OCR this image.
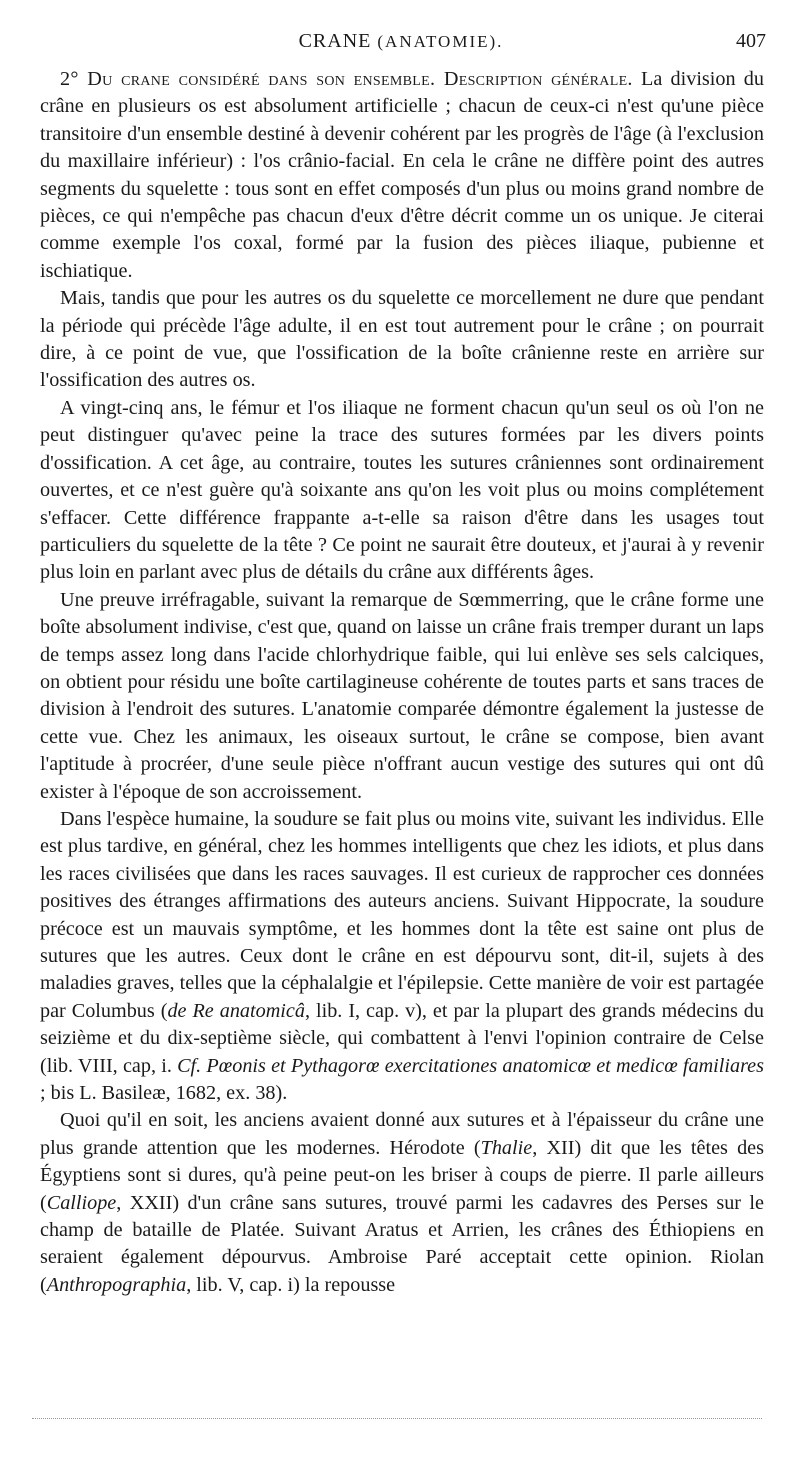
CRANE (ANATOMIE).	407

2° Du crane considéré dans son ensemble. Description générale. La division du crâne en plusieurs os est absolument artificielle ; chacun de ceux-ci n'est qu'une pièce transitoire d'un ensemble destiné à devenir cohérent par les progrès de l'âge (à l'exclusion du maxillaire inférieur) : l'os crânio-facial. En cela le crâne ne diffère point des autres segments du squelette : tous sont en effet composés d'un plus ou moins grand nombre de pièces, ce qui n'empêche pas chacun d'eux d'être décrit comme un os unique. Je citerai comme exemple l'os coxal, formé par la fusion des pièces iliaque, pubienne et ischiatique.

Mais, tandis que pour les autres os du squelette ce morcellement ne dure que pendant la période qui précède l'âge adulte, il en est tout autrement pour le crâne ; on pourrait dire, à ce point de vue, que l'ossification de la boîte crânienne reste en arrière sur l'ossification des autres os.

A vingt-cinq ans, le fémur et l'os iliaque ne forment chacun qu'un seul os où l'on ne peut distinguer qu'avec peine la trace des sutures formées par les divers points d'ossification. A cet âge, au contraire, toutes les sutures crâniennes sont ordinairement ouvertes, et ce n'est guère qu'à soixante ans qu'on les voit plus ou moins complétement s'effacer. Cette différence frappante a-t-elle sa raison d'être dans les usages tout particuliers du squelette de la tête ? Ce point ne saurait être douteux, et j'aurai à y revenir plus loin en parlant avec plus de détails du crâne aux différents âges.

Une preuve irréfragable, suivant la remarque de Sœmmerring, que le crâne forme une boîte absolument indivise, c'est que, quand on laisse un crâne frais tremper durant un laps de temps assez long dans l'acide chlorhydrique faible, qui lui enlève ses sels calciques, on obtient pour résidu une boîte cartilagineuse cohérente de toutes parts et sans traces de division à l'endroit des sutures. L'anatomie comparée démontre également la justesse de cette vue. Chez les animaux, les oiseaux surtout, le crâne se compose, bien avant l'aptitude à procréer, d'une seule pièce n'offrant aucun vestige des sutures qui ont dû exister à l'époque de son accroissement.

Dans l'espèce humaine, la soudure se fait plus ou moins vite, suivant les individus. Elle est plus tardive, en général, chez les hommes intelligents que chez les idiots, et plus dans les races civilisées que dans les races sauvages. Il est curieux de rapprocher ces données positives des étranges affirmations des auteurs anciens. Suivant Hippocrate, la soudure précoce est un mauvais symptôme, et les hommes dont la tête est saine ont plus de sutures que les autres. Ceux dont le crâne en est dépourvu sont, dit-il, sujets à des maladies graves, telles que la céphalalgie et l'épilepsie. Cette manière de voir est partagée par Columbus (de Re anatomicâ, lib. I, cap. v), et par la plupart des grands médecins du seizième et du dix-septième siècle, qui combattent à l'envi l'opinion contraire de Celse (lib. VIII, cap, i. Cf. Pœonis et Pythagorœ exercitationes anatomicœ et medicœ familiares ; bis L. Basileæ, 1682, ex. 38).

Quoi qu'il en soit, les anciens avaient donné aux sutures et à l'épaisseur du crâne une plus grande attention que les modernes. Hérodote (Thalie, XII) dit que les têtes des Égyptiens sont si dures, qu'à peine peut-on les briser à coups de pierre. Il parle ailleurs (Calliope, XXII) d'un crâne sans sutures, trouvé parmi les cadavres des Perses sur le champ de bataille de Platée. Suivant Aratus et Arrien, les crânes des Éthiopiens en seraient également dépourvus. Ambroise Paré acceptait cette opinion. Riolan (Anthropographia, lib. V, cap. i) la repousse
